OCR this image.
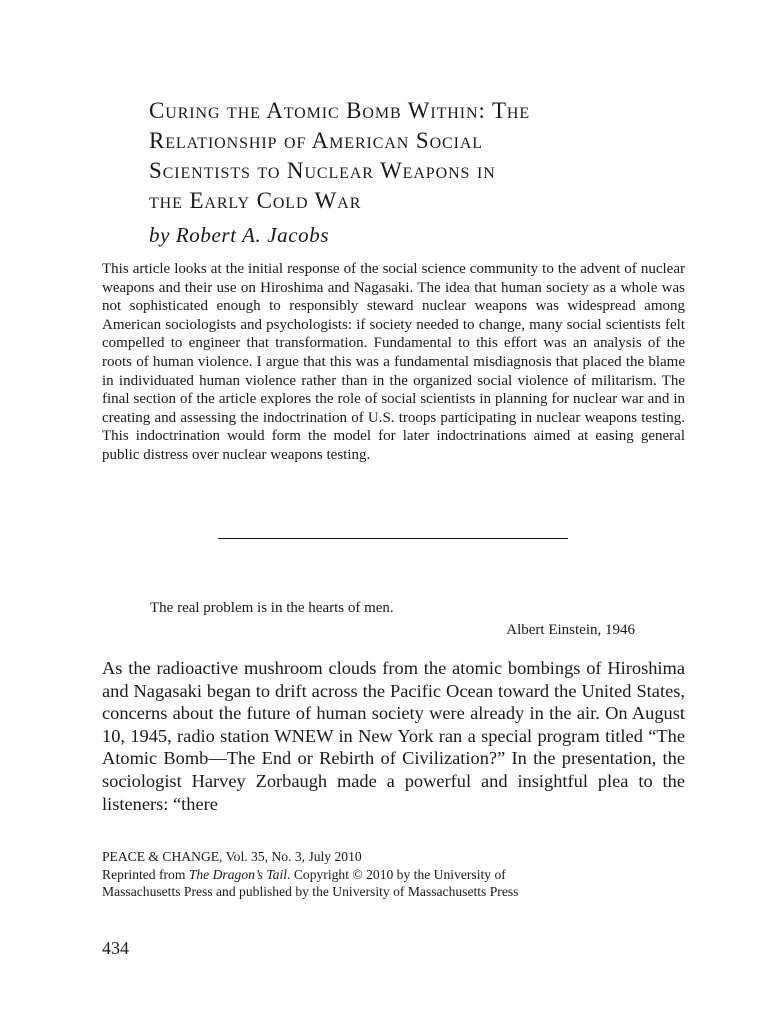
Curing the Atomic Bomb Within: The
Relationship of American Social
Scientists to Nuclear Weapons in
the Early Cold War
by Robert A. Jacobs
This article looks at the initial response of the social science community to the advent of nuclear weapons and their use on Hiroshima and Nagasaki. The idea that human society as a whole was not sophisticated enough to responsibly steward nuclear weapons was widespread among American sociologists and psychologists: if society needed to change, many social scientists felt compelled to engineer that transformation. Fundamental to this effort was an analysis of the roots of human violence. I argue that this was a fundamental misdiagnosis that placed the blame in individuated human violence rather than in the organized social violence of militarism. The final section of the article explores the role of social scientists in planning for nuclear war and in creating and assessing the indoctrination of U.S. troops participating in nuclear weapons testing. This indoctrination would form the model for later indoctrinations aimed at easing general public distress over nuclear weapons testing.
The real problem is in the hearts of men.
Albert Einstein, 1946
As the radioactive mushroom clouds from the atomic bombings of Hiroshima and Nagasaki began to drift across the Pacific Ocean toward the United States, concerns about the future of human society were already in the air. On August 10, 1945, radio station WNEW in New York ran a special program titled “The Atomic Bomb—The End or Rebirth of Civilization?” In the presentation, the sociologist Harvey Zorbaugh made a powerful and insightful plea to the listeners: “there
PEACE & CHANGE, Vol. 35, No. 3, July 2010
Reprinted from The Dragon’s Tail. Copyright © 2010 by the University of
Massachusetts Press and published by the University of Massachusetts Press
434
